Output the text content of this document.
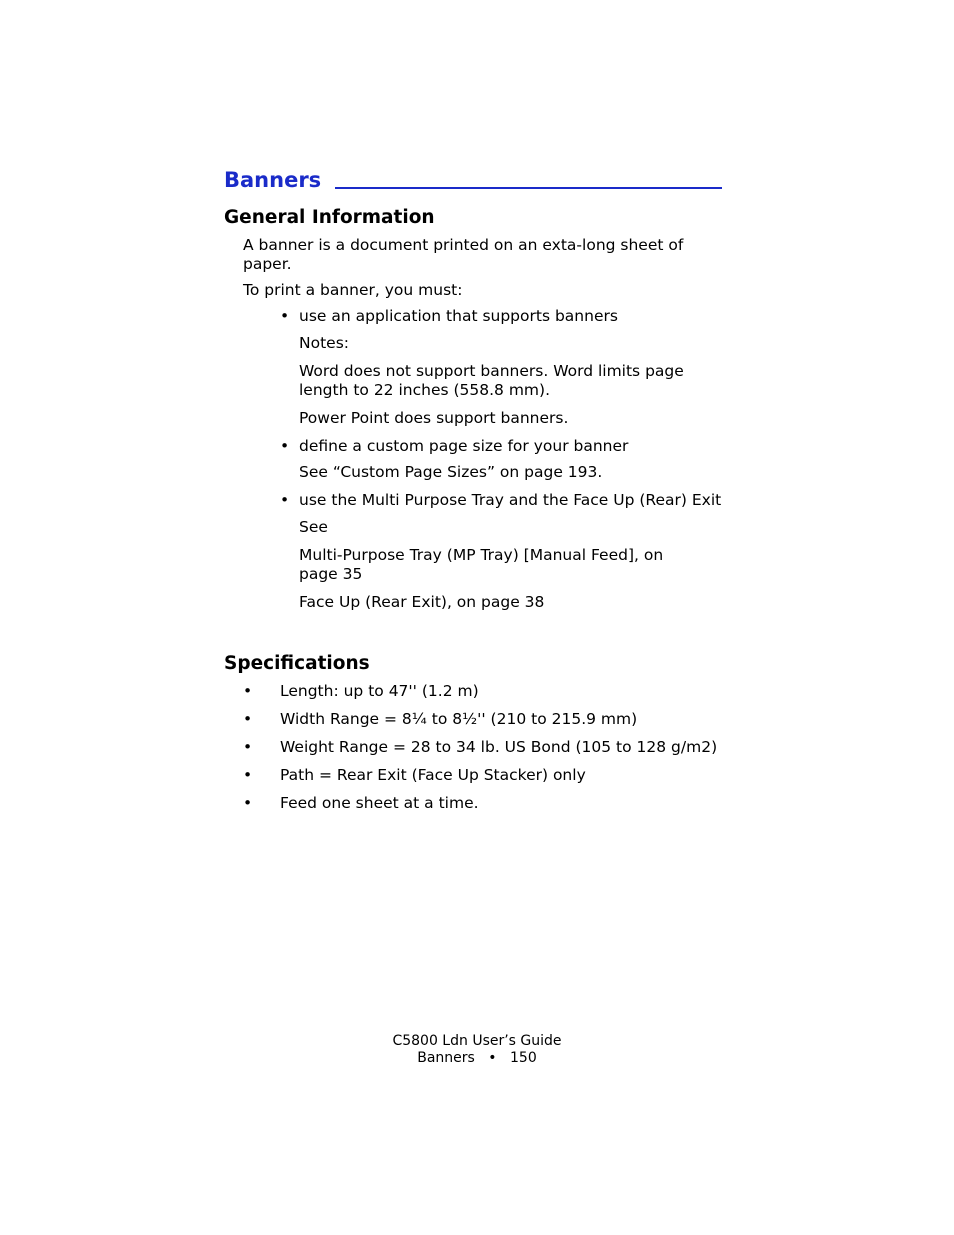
Banners
General Information
A banner is a document printed on an exta-long sheet of
paper.
To print a banner, you must:
• use an application that supports banners
Notes:
Word does not support banners. Word limits page
length to 22 inches (558.8 mm).
Power Point does support banners.
• define a custom page size for your banner
See “Custom Page Sizes” on page 193.
• use the Multi Purpose Tray and the Face Up (Rear) Exit
See
Multi-Purpose Tray (MP Tray) [Manual Feed], on
page 35
Face Up (Rear Exit), on page 38
Specifications
• Length: up to 47'' (1.2 m)
• Width Range = 8¼ to 8½'' (210 to 215.9 mm)
• Weight Range = 28 to 34 lb. US Bond (105 to 128 g/m2)
• Path = Rear Exit (Face Up Stacker) only
• Feed one sheet at a time.
C5800 Ldn User’s Guide
Banners • 150
